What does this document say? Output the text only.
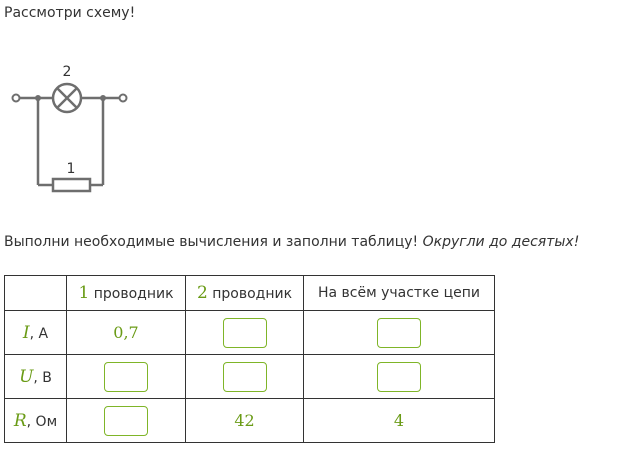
Рассмотри схему!
2
1
Выполни необходимые вычисления и заполни таблицу! Округли до десятых!
	1 проводник	2 проводник	На всём участке цепи
I, A	0,7		
U, В			
R, Ом		42	4
